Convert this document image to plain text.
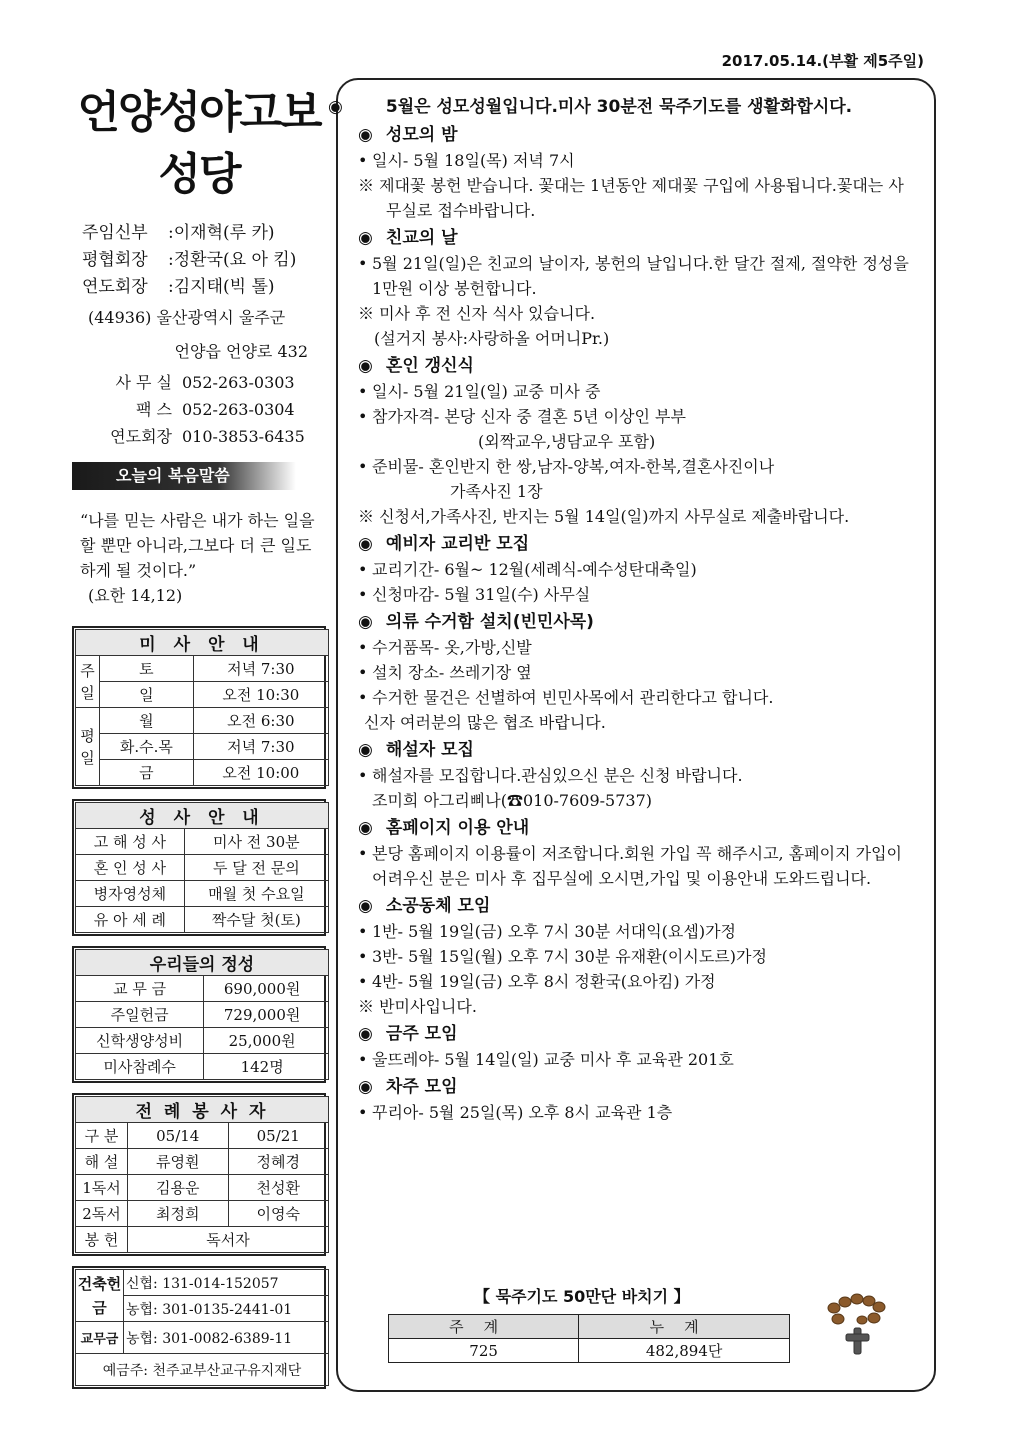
2017.05.14.(부활 제5주일)
언양성야고보
성당
주임신부	:이재혁(루 카)
평협회장	:정환국(요 아 킴)
연도회장	:김지태(빅 톨)
(44936) 울산광역시 울주군
언양읍 언양로 432
사 무 실 052-263-0303
팩 스 052-263-0304
연도회장 010-3853-6435
오늘의 복음말씀
“나를 믿는 사람은 내가 하는 일을 할 뿐만 아니라,그보다 더 큰 일도 하게 될 것이다.”
(요한 14,12)
미 사 안 내		
주일	토	저녁 7:30
	일	오전 10:30
평일	월	오전 6:30
	화.수.목	저녁 7:30
	금	오전 10:00
성 사 안 내	
고 해 성 사	미사 전 30분
혼 인 성 사	두 달 전 문의
병자영성체	매월 첫 수요일
유 아 세 례	짝수달 첫(토)
우리들의 정성	
교 무 금	690,000원
주일헌금	729,000원
신학생양성비	25,000원
미사참례수	142명
전 례 봉 사 자		
구 분	05/14	05/21
해 설	류영훤	정혜경
1독서	김용운	천성환
2독서	최정희	이영숙
봉 헌	독서자	
건축헌금	신협: 131-014-152057
	농협: 301-0135-2441-01
교무금	농협: 301-0082-6389-11
예금주: 천주교부산교구유지재단	
◉	5월은 성모성월입니다.미사 30분전 묵주기도를 생활화합시다.
◉ 성모의 밤
• 일시- 5월 18일(목) 저녁 7시
※ 제대꽃 봉헌 받습니다. 꽃대는 1년동안 제대꽃 구입에 사용됩니다.꽃대는 사무실로 접수바랍니다.
◉ 친교의 날
• 5월 21일(일)은 친교의 날이자, 봉헌의 날입니다.한 달간 절제, 절약한 정성을 1만원 이상 봉헌합니다.
※ 미사 후 전 신자 식사 있습니다.
(설거지 봉사:사랑하올 어머니Pr.)
◉ 혼인 갱신식
• 일시- 5월 21일(일) 교중 미사 중
• 참가자격- 본당 신자 중 결혼 5년 이상인 부부
(외짝교우,냉담교우 포함)
• 준비물- 혼인반지 한 쌍,남자-양복,여자-한복,결혼사진이나
가족사진 1장
※ 신청서,가족사진, 반지는 5월 14일(일)까지 사무실로 제출바랍니다.
◉ 예비자 교리반 모집
• 교리기간- 6월~ 12월(세례식-예수성탄대축일)
• 신청마감- 5월 31일(수) 사무실
◉ 의류 수거함 설치(빈민사목)
• 수거품목- 옷,가방,신발
• 설치 장소- 쓰레기장 옆
• 수거한 물건은 선별하여 빈민사목에서 관리한다고 합니다.
신자 여러분의 많은 협조 바랍니다.
◉ 해설자 모집
• 해설자를 모집합니다.관심있으신 분은 신청 바랍니다.
조미희 아그리삐나(☎010-7609-5737)
◉ 홈페이지 이용 안내
• 본당 홈페이지 이용률이 저조합니다.회원 가입 꼭 해주시고, 홈페이지 가입이 어려우신 분은 미사 후 집무실에 오시면,가입 및 이용안내 도와드립니다.
◉ 소공동체 모임
• 1반- 5월 19일(금) 오후 7시 30분 서대익(요셉)가정
• 3반- 5월 15일(월) 오후 7시 30분 유재환(이시도르)가정
• 4반- 5월 19일(금) 오후 8시 정환국(요아킴) 가정
※ 반미사입니다.
◉ 금주 모임
• 울뜨레야- 5월 14일(일) 교중 미사 후 교육관 201호
◉ 차주 모임
• 꾸리아- 5월 25일(목) 오후 8시 교육관 1층
【 묵주기도 50만단 바치기 】
주계	누계
725	482,894단
